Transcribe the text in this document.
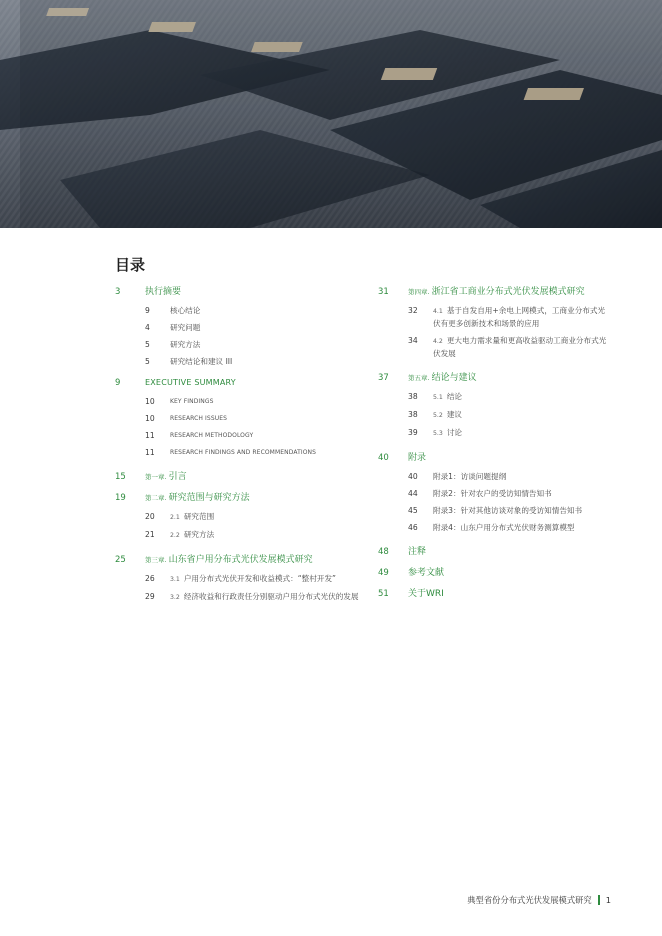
目录
3	执行摘要
9	核心结论
4	研究问题
5	研究方法
5	研究结论和建议 III
9	EXECUTIVE SUMMARY
10	KEY FINDINGS
10	RESEARCH ISSUES
11	RESEARCH METHODOLOGY
11	RESEARCH FINDINGS AND RECOMMENDATIONS
15	第一章. 引言
19	第二章. 研究范围与研究方法
20	2.1 研究范围
21	2.2 研究方法
25	第三章. 山东省户用分布式光伏发展模式研究
26	3.1 户用分布式光伏开发和收益模式：“整村开发”
29	3.2 经济收益和行政责任分别驱动户用分布式光伏的发展
31	第四章. 浙江省工商业分布式光伏发展模式研究
32	4.1 基于自发自用+余电上网模式，工商业分布式光伏有更多创新技术和场景的应用
34	4.2 更大电力需求量和更高收益驱动工商业分布式光伏发展
37	第五章. 结论与建议
38	5.1 结论
38	5.2 建议
39	5.3 讨论
40	附录
40	附录1：访谈问题提纲
44	附录2：针对农户的受访知情告知书
45	附录3：针对其他访谈对象的受访知情告知书
46	附录4：山东户用分布式光伏财务测算模型
48	注释
49	参考文献
51	关于WRI
典型省份分布式光伏发展模式研究 1
